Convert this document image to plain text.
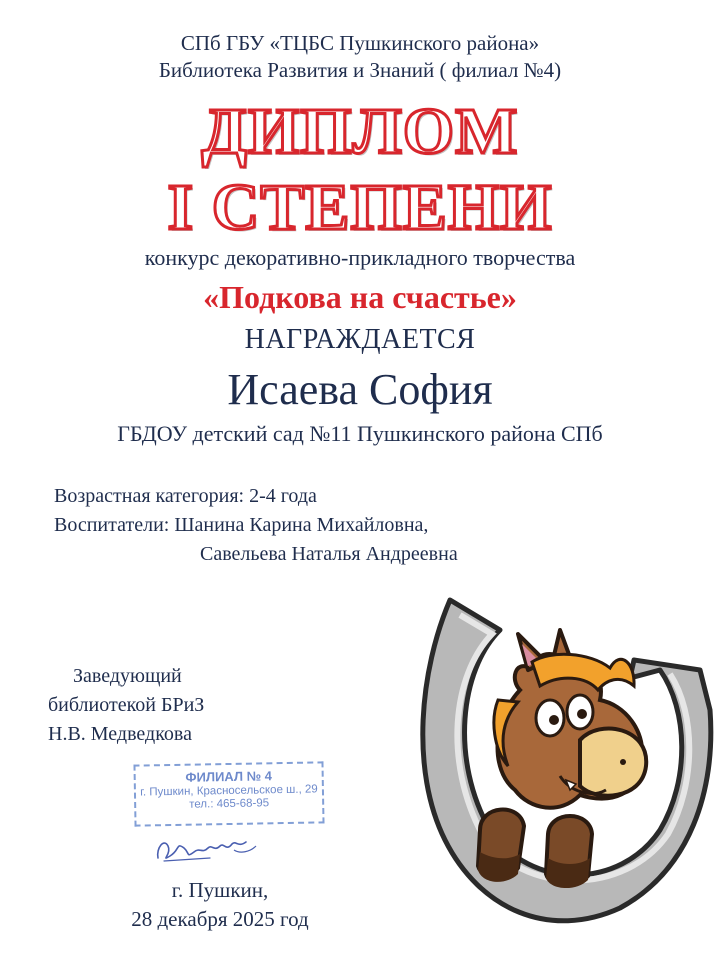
СПб ГБУ «ТЦБС Пушкинского района»
Библиотека Развития и Знаний ( филиал №4)
ДИПЛОМ
I СТЕПЕНИ
конкурс декоративно-прикладного творчества
«Подкова на счастье»
НАГРАЖДАЕТСЯ
Исаева София
ГБДОУ детский сад №11 Пушкинского района СПб
Возрастная категория: 2-4 года
Воспитатели: Шанина Карина Михайловна,
Савельева Наталья Андреевна
Заведующий
библиотекой БРиЗ
Н.В. Медведкова
ФИЛИАЛ № 4
г. Пушкин, Красносельское ш., 29
тел.: 465-68-95
г. Пушкин,
28 декабря 2025 год
